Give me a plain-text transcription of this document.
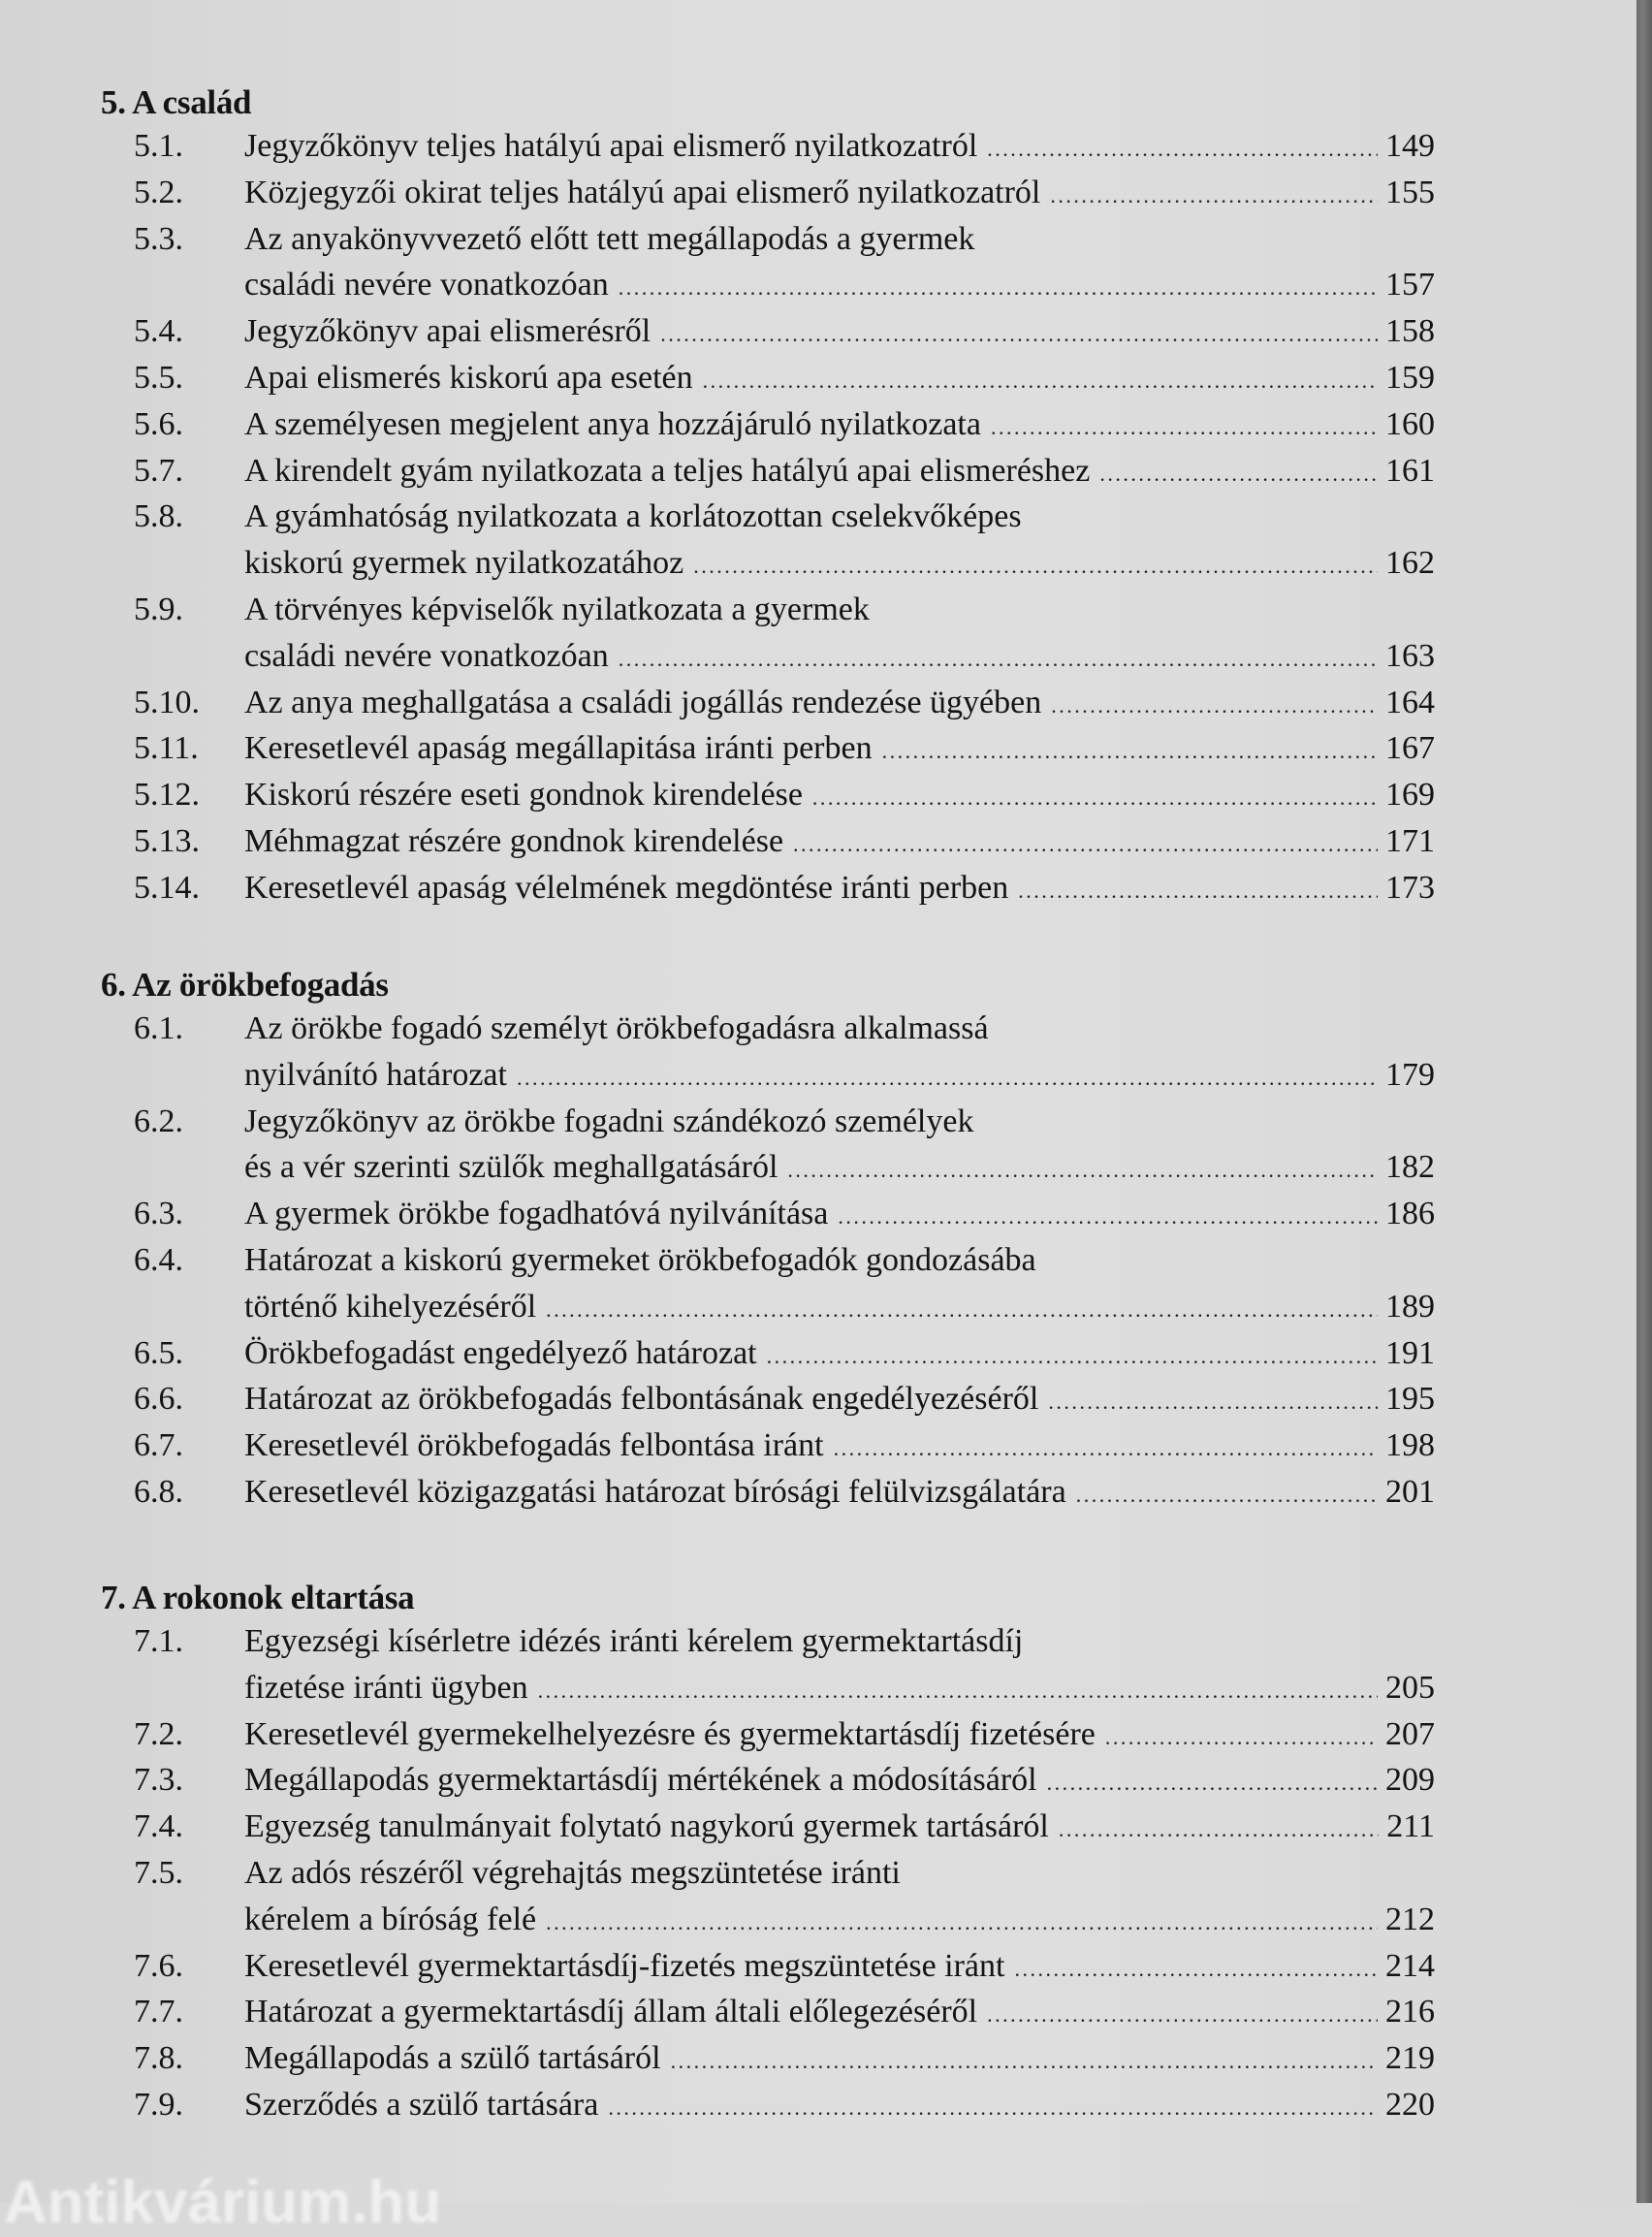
5. A család
5.1. Jegyzőkönyv teljes hatályú apai elismerő nyilatkozatról . . .	149
5.2. Közjegyzői okirat teljes hatályú apai elismerő nyilatkozatról . . .	155
5.3. Az anyakönyvvezető előtt tett megállapodás a gyermek
családi nevére vonatkozóan . . .	157
5.4. Jegyzőkönyv apai elismerésről . . .	158
5.5. Apai elismerés kiskorú apa esetén . . .	159
5.6. A személyesen megjelent anya hozzájáruló nyilatkozata . . .	160
5.7. A kirendelt gyám nyilatkozata a teljes hatályú apai elismeréshez . . .	161
5.8. A gyámhatóság nyilatkozata a korlátozottan cselekvőképes
kiskorú gyermek nyilatkozatához . . .	162
5.9. A törvényes képviselők nyilatkozata a gyermek
családi nevére vonatkozóan . . .	163
5.10. Az anya meghallgatása a családi jogállás rendezése ügyében . . .	164
5.11. Keresetlevél apaság megállapitása iránti perben . . .	167
5.12. Kiskorú részére eseti gondnok kirendelése . . .	169
5.13. Méhmagzat részére gondnok kirendelése . . .	171
5.14. Keresetlevél apaság vélelmének megdöntése iránti perben . . .	173
6. Az örökbefogadás
6.1. Az örökbe fogadó személyt örökbefogadásra alkalmassá
nyilvánító határozat . . .	179
6.2. Jegyzőkönyv az örökbe fogadni szándékozó személyek
és a vér szerinti szülők meghallgatásáról . . .	182
6.3. A gyermek örökbe fogadhatóvá nyilvánítása . . .	186
6.4. Határozat a kiskorú gyermeket örökbefogadók gondozásába
történő kihelyezéséről . . .	189
6.5. Örökbefogadást engedélyező határozat . . .	191
6.6. Határozat az örökbefogadás felbontásának engedélyezéséről . . .	195
6.7. Keresetlevél örökbefogadás felbontása iránt . . .	198
6.8. Keresetlevél közigazgatási határozat bírósági felülvizsgálatára . . .	201
7. A rokonok eltartása
7.1. Egyezségi kísérletre idézés iránti kérelem gyermektartásdíj
fizetése iránti ügyben . . .	205
7.2. Keresetlevél gyermekelhelyezésre és gyermektartásdíj fizetésére . . .	207
7.3. Megállapodás gyermektartásdíj mértékének a módosításáról . . .	209
7.4. Egyezség tanulmányait folytató nagykorú gyermek tartásáról . . .	211
7.5. Az adós részéről végrehajtás megszüntetése iránti
kérelem a bíróság felé . . .	212
7.6. Keresetlevél gyermektartásdíj-fizetés megszüntetése iránt . . .	214
7.7. Határozat a gyermektartásdíj állam általi előlegezéséről . . .	216
7.8. Megállapodás a szülő tartásáról . . .	219
7.9. Szerződés a szülő tartására . . .	220
Antikvárium.hu
